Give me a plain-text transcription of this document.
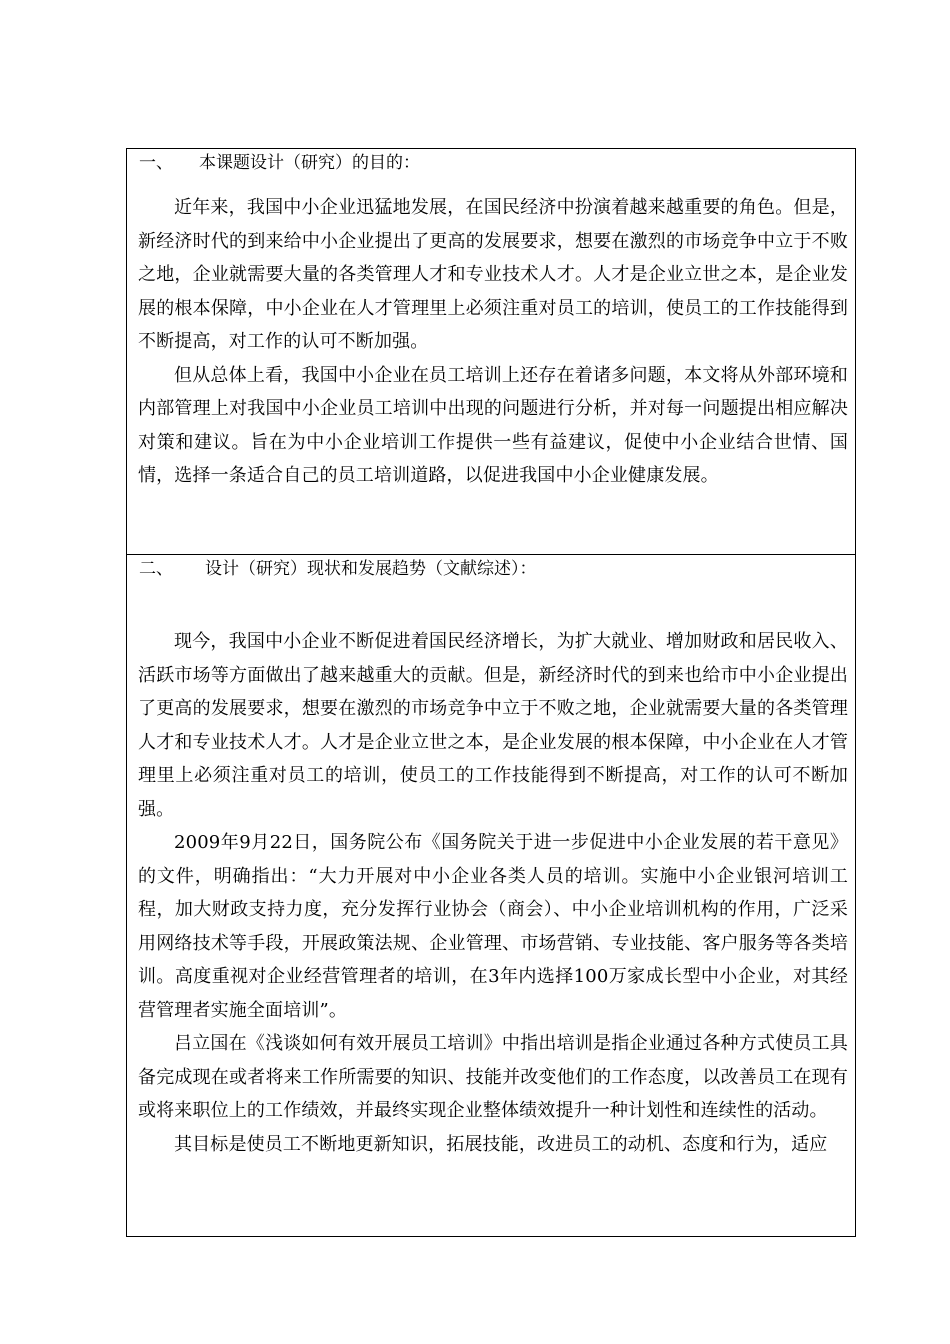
一、 本课题设计（研究）的目的：

近年来，我国中小企业迅猛地发展，在国民经济中扮演着越来越重要的角色。但是，新经济时代的到来给中小企业提出了更高的发展要求，想要在激烈的市场竞争中立于不败之地，企业就需要大量的各类管理人才和专业技术人才。人才是企业立世之本，是企业发展的根本保障，中小企业在人才管理里上必须注重对员工的培训，使员工的工作技能得到不断提高，对工作的认可不断加强。

但从总体上看，我国中小企业在员工培训上还存在着诸多问题，本文将从外部环境和内部管理上对我国中小企业员工培训中出现的问题进行分析，并对每一问题提出相应解决对策和建议。旨在为中小企业培训工作提供一些有益建议，促使中小企业结合世情、国情，选择一条适合自己的员工培训道路，以促进我国中小企业健康发展。

二、 设计（研究）现状和发展趋势（文献综述）：

现今，我国中小企业不断促进着国民经济增长，为扩大就业、增加财政和居民收入、活跃市场等方面做出了越来越重大的贡献。但是，新经济时代的到来也给市中小企业提出了更高的发展要求，想要在激烈的市场竞争中立于不败之地，企业就需要大量的各类管理人才和专业技术人才。人才是企业立世之本，是企业发展的根本保障，中小企业在人才管理里上必须注重对员工的培训，使员工的工作技能得到不断提高，对工作的认可不断加强。

2009年9月22日，国务院公布《国务院关于进一步促进中小企业发展的若干意见》的文件，明确指出：“大力开展对中小企业各类人员的培训。实施中小企业银河培训工程，加大财政支持力度，充分发挥行业协会（商会）、中小企业培训机构的作用，广泛采用网络技术等手段，开展政策法规、企业管理、市场营销、专业技能、客户服务等各类培训。高度重视对企业经营管理者的培训，在3年内选择100万家成长型中小企业，对其经营管理者实施全面培训”。

吕立国在《浅谈如何有效开展员工培训》中指出培训是指企业通过各种方式使员工具备完成现在或者将来工作所需要的知识、技能并改变他们的工作态度，以改善员工在现有或将来职位上的工作绩效，并最终实现企业整体绩效提升一种计划性和连续性的活动。

其目标是使员工不断地更新知识，拓展技能，改进员工的动机、态度和行为，适应
